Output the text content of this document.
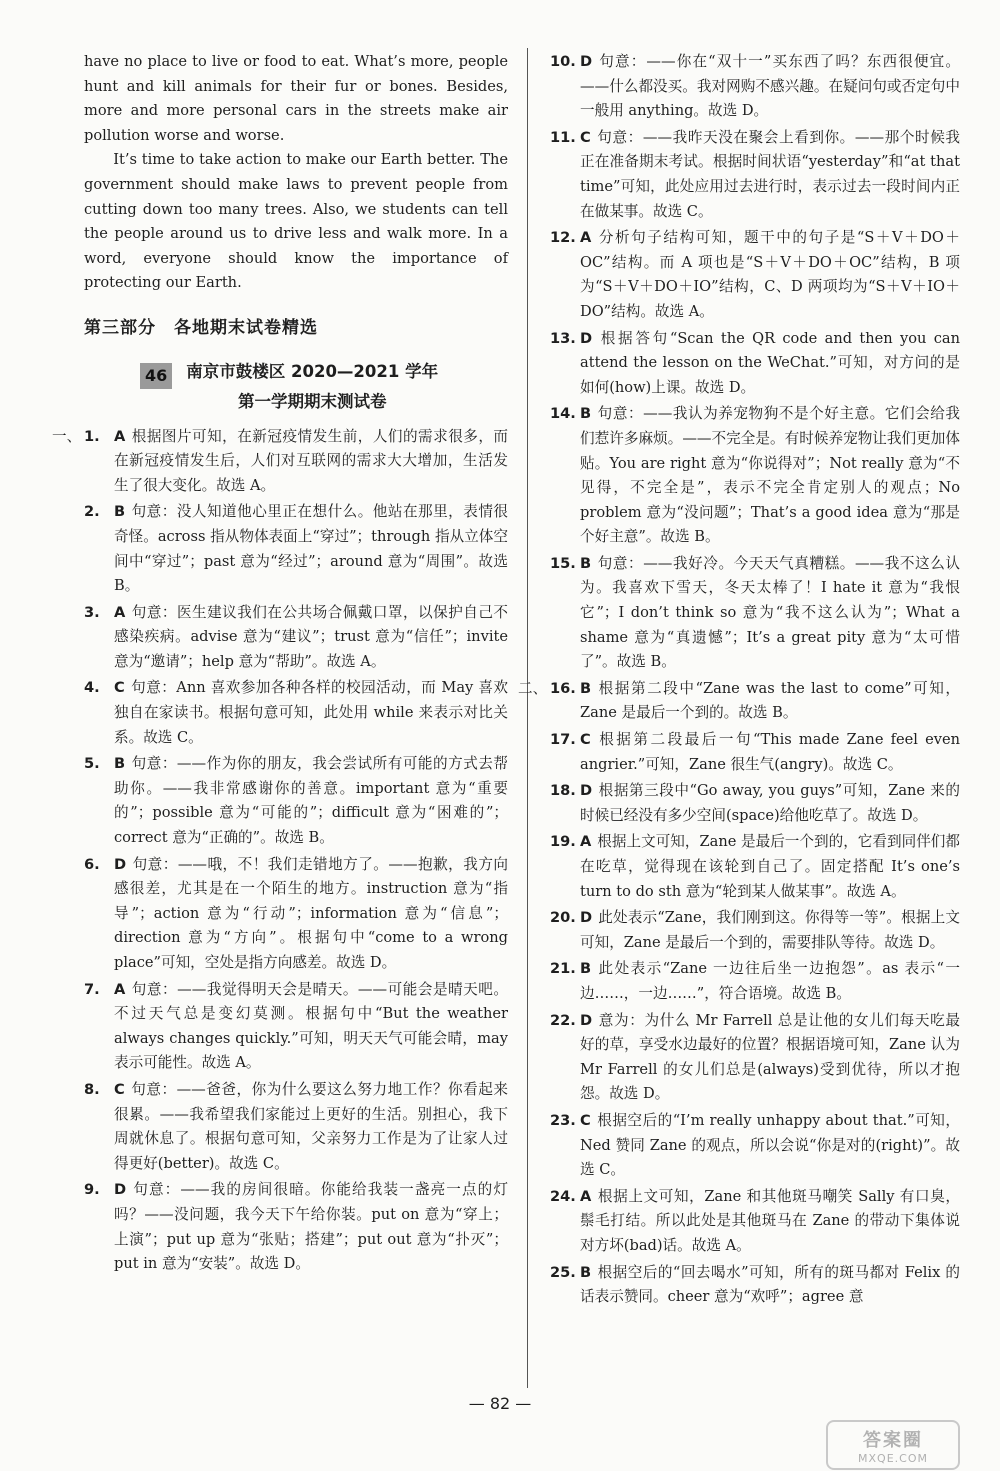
have no place to live or food to eat. What’s more, people hunt and kill animals for their fur or bones. Besides, more and more personal cars in the streets make air pollution worse and worse.

It’s time to take action to make our Earth better. The government should make laws to prevent people from cutting down too many trees. Also, we students can tell the people around us to drive less and walk more. In a word, everyone should know the importance of protecting our Earth.

第三部分　各地期末试卷精选
46	南京市鼓楼区 2020—2021 学年
第一学期期末测试卷
一、 1. A 根据图片可知，在新冠疫情发生前，人们的需求很多，而在新冠疫情发生后，人们对互联网的需求大大增加，生活发生了很大变化。故选 A。
2. B 句意：没人知道他心里正在想什么。他站在那里，表情很奇怪。across 指从物体表面上“穿过”；through 指从立体空间中“穿过”；past 意为“经过”；around 意为“周围”。故选 B。
3. A 句意：医生建议我们在公共场合佩戴口罩，以保护自己不感染疾病。advise 意为“建议”；trust 意为“信任”；invite 意为“邀请”；help 意为“帮助”。故选 A。
4. C 句意：Ann 喜欢参加各种各样的校园活动，而 May 喜欢独自在家读书。根据句意可知，此处用 while 来表示对比关系。故选 C。
5. B 句意：——作为你的朋友，我会尝试所有可能的方式去帮助你。——我非常感谢你的善意。important 意为“重要的”；possible 意为“可能的”；difficult 意为“困难的”；correct 意为“正确的”。故选 B。
6. D 句意：——哦，不！我们走错地方了。——抱歉，我方向感很差，尤其是在一个陌生的地方。instruction 意为“指导”；action 意为“行动”；information 意为“信息”；direction 意为“方向”。根据句中“come to a wrong place”可知，空处是指方向感差。故选 D。
7. A 句意：——我觉得明天会是晴天。——可能会是晴天吧。不过天气总是变幻莫测。根据句中“But the weather always changes quickly.”可知，明天天气可能会晴，may 表示可能性。故选 A。
8. C 句意：——爸爸，你为什么要这么努力地工作？你看起来很累。——我希望我们家能过上更好的生活。别担心，我下周就休息了。根据句意可知，父亲努力工作是为了让家人过得更好(better)。故选 C。
9. D 句意：——我的房间很暗。你能给我装一盏亮一点的灯吗？——没问题，我今天下午给你装。put on 意为“穿上；上演”；put up 意为“张贴；搭建”；put out 意为“扑灭”；put in 意为“安装”。故选 D。
10. D 句意：——你在“双十一”买东西了吗？东西很便宜。——什么都没买。我对网购不感兴趣。在疑问句或否定句中一般用 anything。故选 D。
11. C 句意：——我昨天没在聚会上看到你。——那个时候我正在准备期末考试。根据时间状语“yesterday”和“at that time”可知，此处应用过去进行时，表示过去一段时间内正在做某事。故选 C。
12. A 分析句子结构可知，题干中的句子是“S＋V＋DO＋OC”结构。而 A 项也是“S＋V＋DO＋OC”结构，B 项为“S＋V＋DO＋IO”结构，C、D 两项均为“S＋V＋IO＋DO”结构。故选 A。
13. D 根据答句“Scan the QR code and then you can attend the lesson on the WeChat.”可知，对方问的是如何(how)上课。故选 D。
14. B 句意：——我认为养宠物狗不是个好主意。它们会给我们惹许多麻烦。——不完全是。有时候养宠物让我们更加体贴。You are right 意为“你说得对”；Not really 意为“不见得，不完全是”，表示不完全肯定别人的观点；No problem 意为“没问题”；That’s a good idea 意为“那是个好主意”。故选 B。
15. B 句意：——我好冷。今天天气真糟糕。——我不这么认为。我喜欢下雪天，冬天太棒了！I hate it 意为“我恨它”；I don’t think so 意为“我不这么认为”；What a shame 意为“真遗憾”；It’s a great pity 意为“太可惜了”。故选 B。
二、 16. B 根据第二段中“Zane was the last to come”可知，Zane 是最后一个到的。故选 B。
17. C 根据第二段最后一句“This made Zane feel even angrier.”可知，Zane 很生气(angry)。故选 C。
18. D 根据第三段中“Go away, you guys”可知，Zane 来的时候已经没有多少空间(space)给他吃草了。故选 D。
19. A 根据上文可知，Zane 是最后一个到的，它看到同伴们都在吃草，觉得现在该轮到自己了。固定搭配 It’s one’s turn to do sth 意为“轮到某人做某事”。故选 A。
20. D 此处表示“Zane，我们刚到这。你得等一等”。根据上文可知，Zane 是最后一个到的，需要排队等待。故选 D。
21. B 此处表示“Zane 一边往后坐一边抱怨”。as 表示“一边……，一边……”，符合语境。故选 B。
22. D 意为：为什么 Mr Farrell 总是让他的女儿们每天吃最好的草，享受水边最好的位置？根据语境可知，Zane 认为 Mr Farrell 的女儿们总是(always)受到优待，所以才抱怨。故选 D。
23. C 根据空后的“I’m really unhappy about that.”可知，Ned 赞同 Zane 的观点，所以会说“你是对的(right)”。故选 C。
24. A 根据上文可知，Zane 和其他斑马嘲笑 Sally 有口臭，鬃毛打结。所以此处是其他斑马在 Zane 的带动下集体说对方坏(bad)话。故选 A。
25. B 根据空后的“回去喝水”可知，所有的斑马都对 Felix 的话表示赞同。cheer 意为“欢呼”；agree 意
— 82 —
答案圈
MXQE.COM
